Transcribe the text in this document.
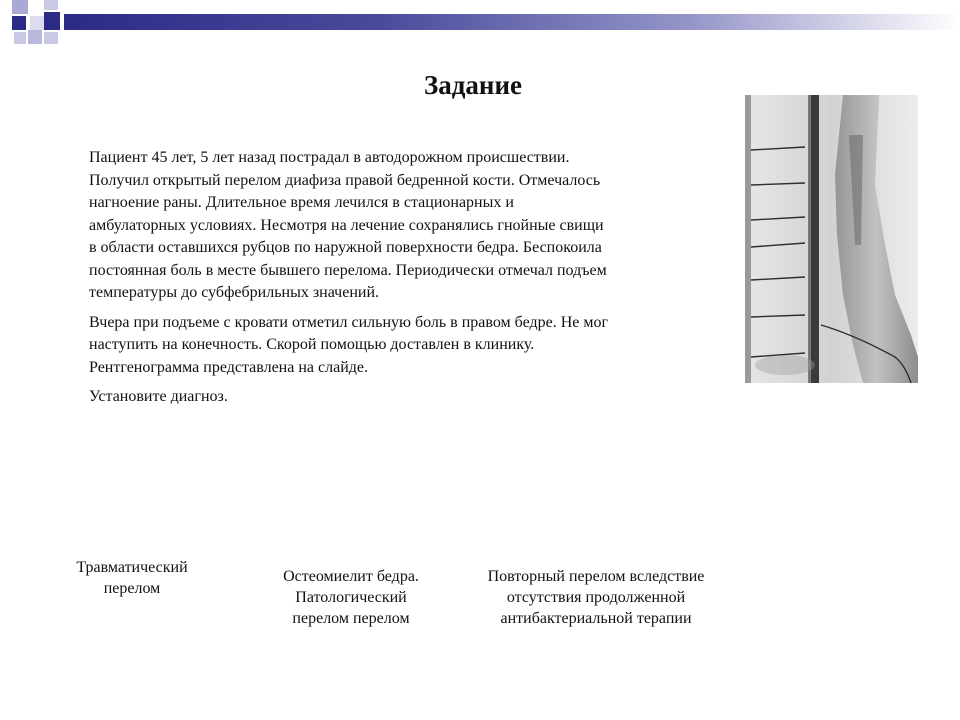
Задание

Пациент 45 лет, 5 лет назад пострадал в автодорожном происшествии. Получил открытый перелом диафиза правой бедренной кости. Отмечалось нагноение раны. Длительное время лечился в стационарных и амбулаторных условиях. Несмотря на лечение сохранялись гнойные свищи в области оставшихся рубцов по наружной поверхности бедра. Беспокоила постоянная боль в месте бывшего перелома. Периодически отмечал подъем температуры до субфебрильных значений.

Вчера при подъеме с кровати отметил сильную боль в правом бедре. Не мог наступить на конечность. Скорой помощью доставлен в клинику. Рентгенограмма представлена на слайде.

Установите диагноз.

Травматический перелом
Остеомиелит бедра. Патологический перелом перелом
Повторный перелом вследствие отсутствия продолженной антибактериальной терапии
